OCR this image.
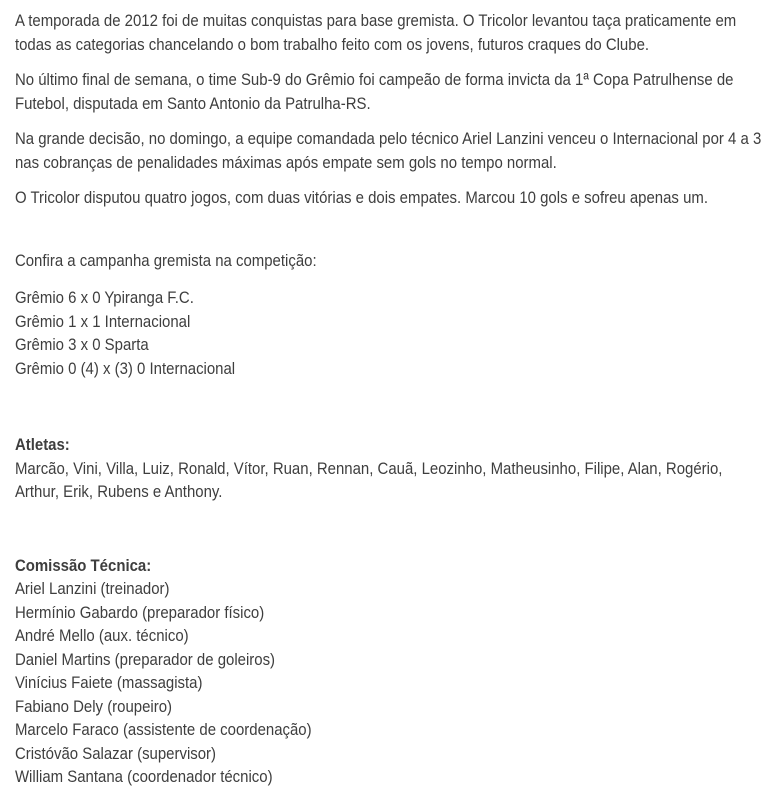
A temporada de 2012 foi de muitas conquistas para base gremista. O Tricolor levantou taça praticamente em todas as categorias chancelando o bom trabalho feito com os jovens, futuros craques do Clube.

No último final de semana, o time Sub-9 do Grêmio foi campeão de forma invicta da 1ª Copa Patrulhense de Futebol, disputada em Santo Antonio da Patrulha-RS.

Na grande decisão, no domingo, a equipe comandada pelo técnico Ariel Lanzini venceu o Internacional por 4 a 3 nas cobranças de penalidades máximas após empate sem gols no tempo normal.

O Tricolor disputou quatro jogos, com duas vitórias e dois empates. Marcou 10 gols e sofreu apenas um.

Confira a campanha gremista na competição:

Grêmio 6 x 0 Ypiranga F.C.
Grêmio 1 x 1 Internacional
Grêmio 3 x 0 Sparta
Grêmio 0 (4) x (3) 0 Internacional
Atletas:
Marcão, Vini, Villa, Luiz, Ronald, Vítor, Ruan, Rennan, Cauã, Leozinho, Matheusinho, Filipe, Alan, Rogério, Arthur, Erik, Rubens e Anthony.
Comissão Técnica:
Ariel Lanzini (treinador)
Hermínio Gabardo (preparador físico)
André Mello (aux. técnico)
Daniel Martins (preparador de goleiros)
Vinícius Faiete (massagista)
Fabiano Dely (roupeiro)
Marcelo Faraco (assistente de coordenação)
Cristóvão Salazar (supervisor)
William Santana (coordenador técnico)
